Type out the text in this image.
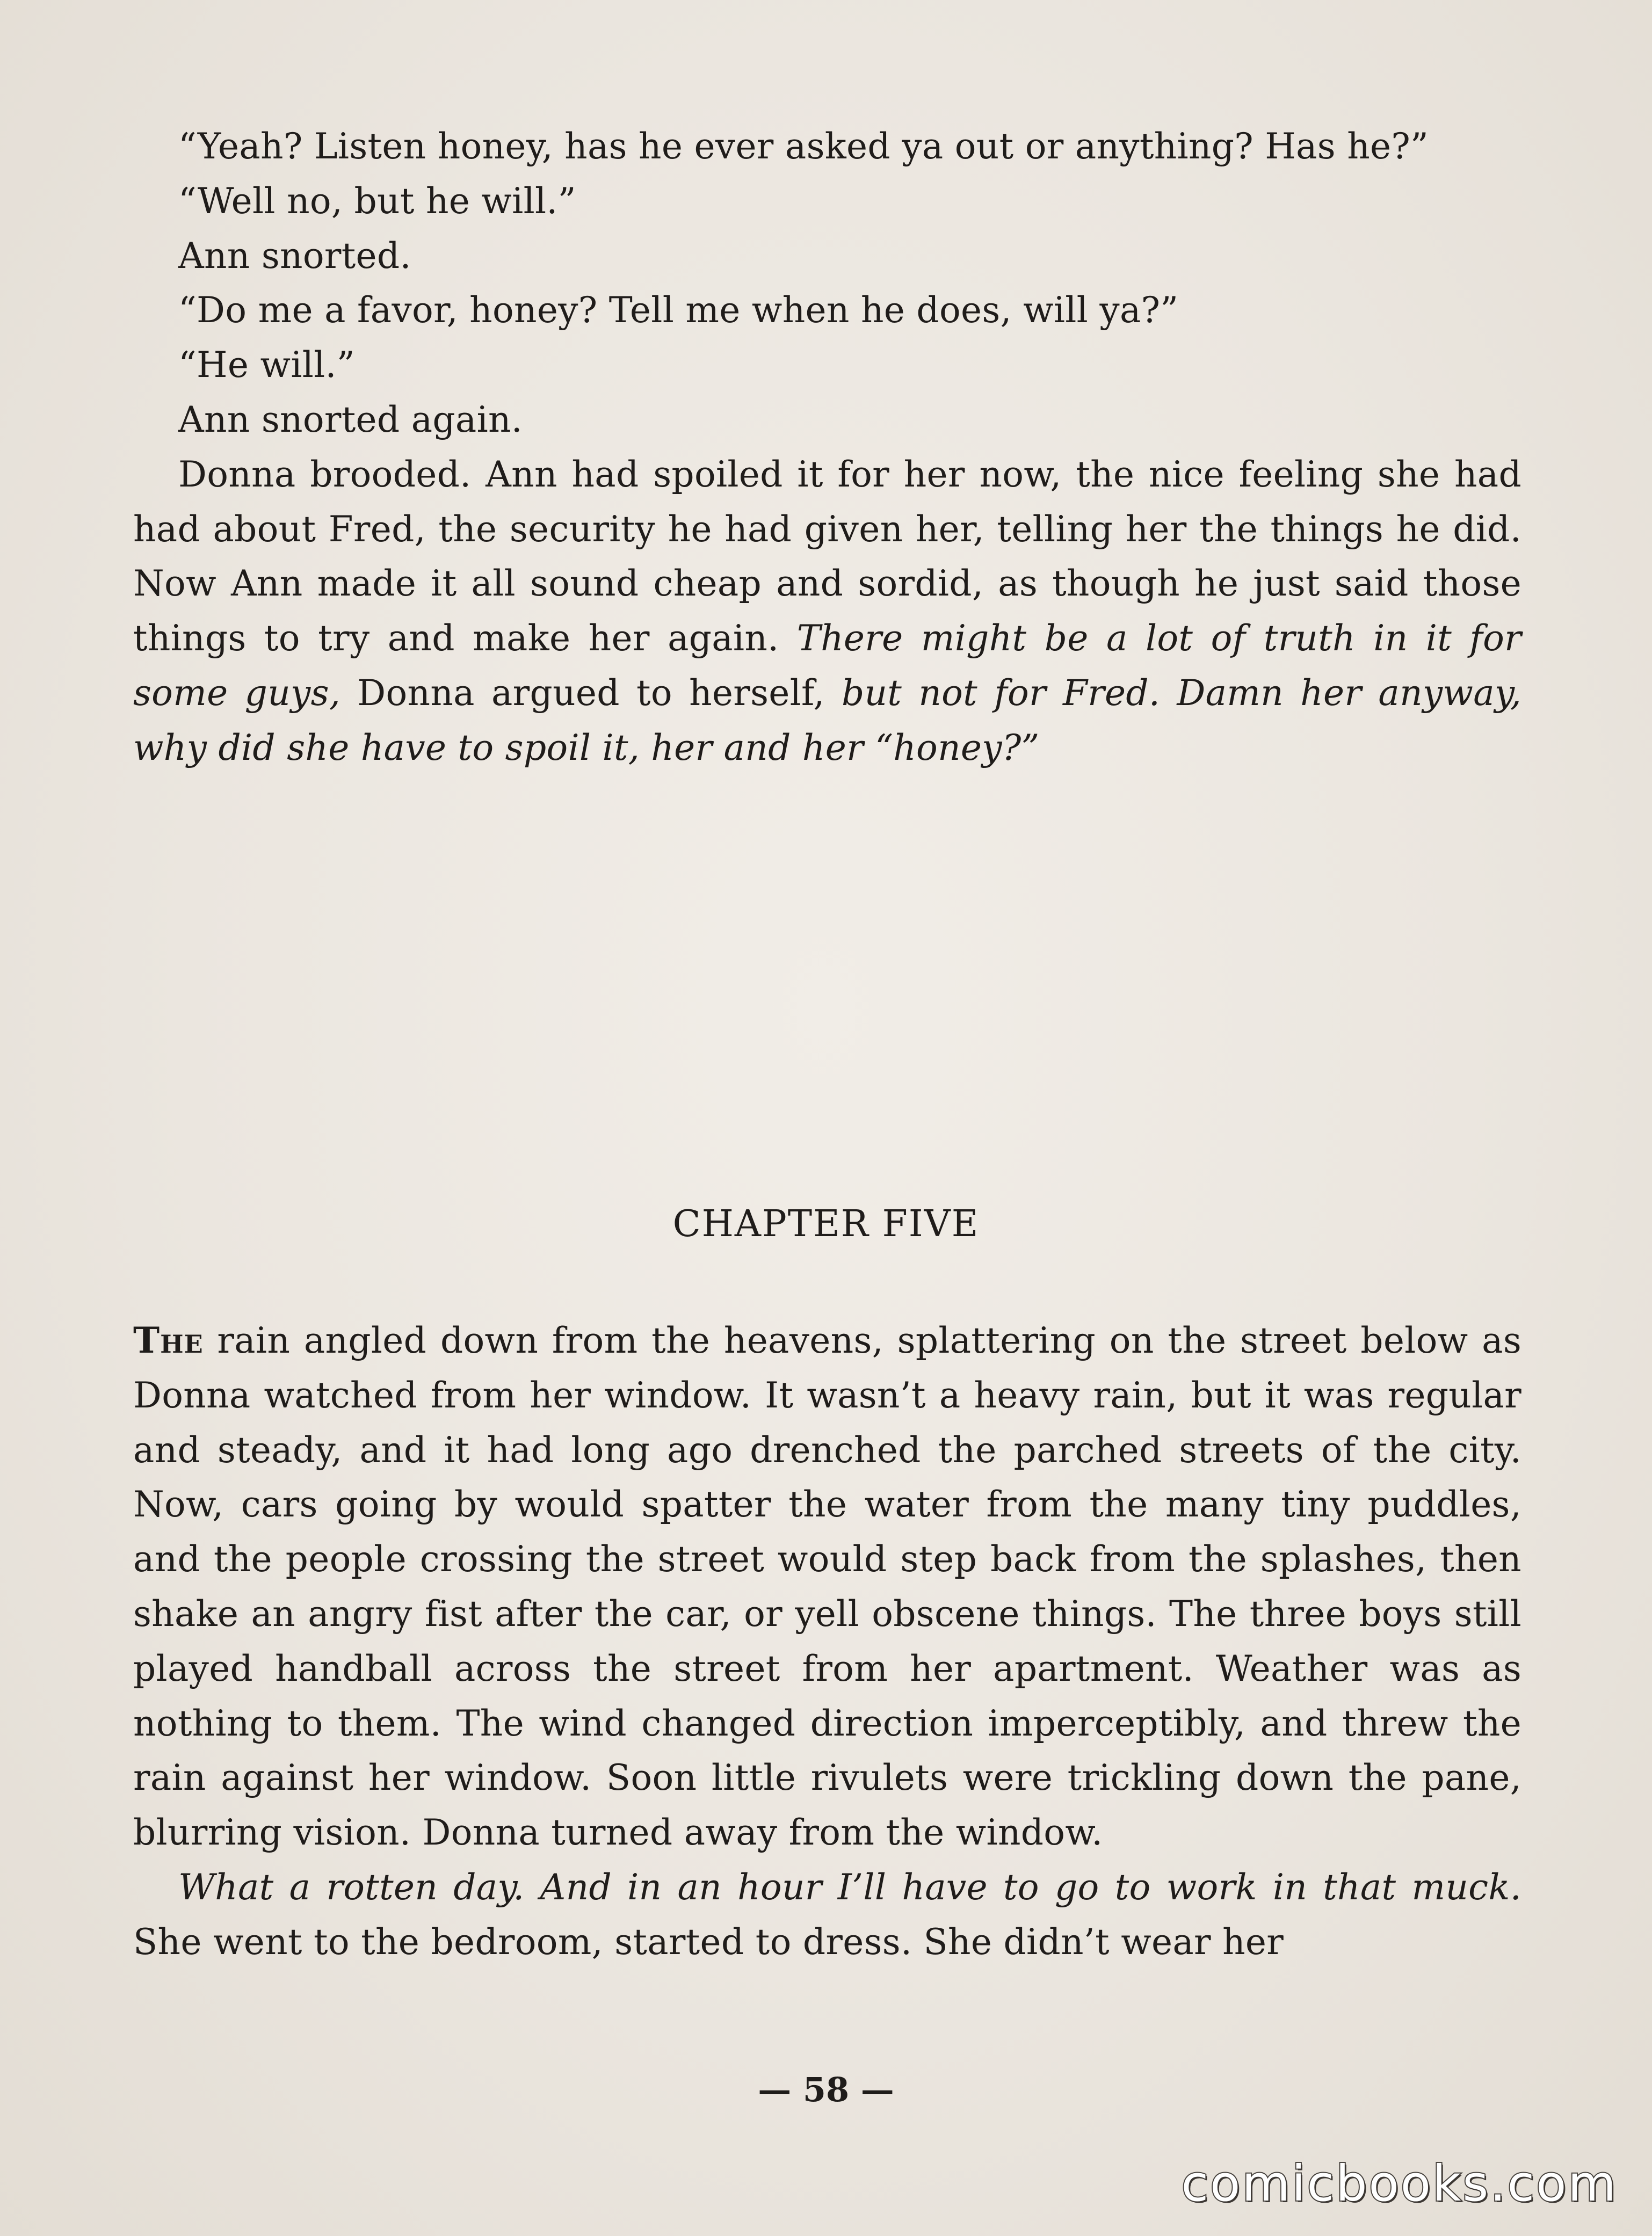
“Yeah? Listen honey, has he ever asked ya out or anything? Has he?”

“Well no, but he will.”

Ann snorted.

“Do me a favor, honey? Tell me when he does, will ya?”

“He will.”

Ann snorted again.

Donna brooded. Ann had spoiled it for her now, the nice feeling she had had about Fred, the security he had given her, telling her the things he did. Now Ann made it all sound cheap and sordid, as though he just said those things to try and make her again. There might be a lot of truth in it for some guys, Donna argued to herself, but not for Fred. Damn her anyway, why did she have to spoil it, her and her “honey?”

CHAPTER FIVE

The rain angled down from the heavens, splattering on the street below as Donna watched from her window. It wasn’t a heavy rain, but it was regular and steady, and it had long ago drenched the parched streets of the city. Now, cars going by would spatter the water from the many tiny puddles, and the people crossing the street would step back from the splashes, then shake an angry fist after the car, or yell obscene things. The three boys still played handball across the street from her apartment. Weather was as nothing to them. The wind changed direction imperceptibly, and threw the rain against her window. Soon little rivulets were trickling down the pane, blurring vision. Donna turned away from the window.

What a rotten day. And in an hour I’ll have to go to work in that muck. She went to the bedroom, started to dress. She didn’t wear her

— 58 —
comicbooks.com
